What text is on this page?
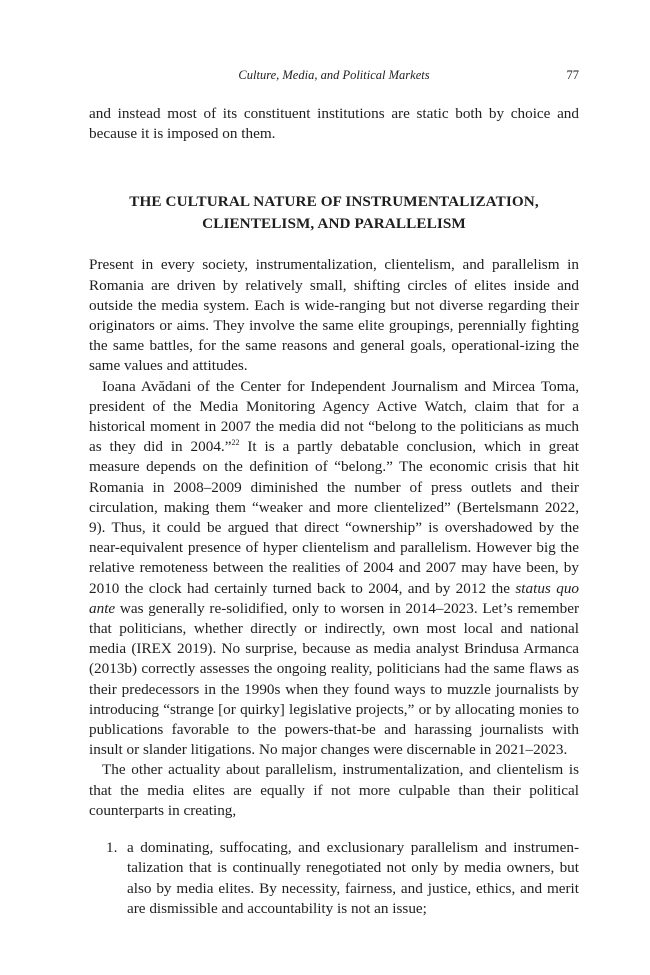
Culture, Media, and Political Markets	77

and instead most of its constituent institutions are static both by choice and because it is imposed on them.

THE CULTURAL NATURE OF INSTRUMENTALIZATION,
CLIENTELISM, AND PARALLELISM

Present in every society, instrumentalization, clientelism, and parallelism in Romania are driven by relatively small, shifting circles of elites inside and outside the media system. Each is wide-ranging but not diverse regarding their originators or aims. They involve the same elite groupings, perennially fighting the same battles, for the same reasons and general goals, operational-izing the same values and attitudes.

Ioana Avădani of the Center for Independent Journalism and Mircea Toma, president of the Media Monitoring Agency Active Watch, claim that for a historical moment in 2007 the media did not “belong to the politicians as much as they did in 2004.”$^{22}$ It is a partly debatable conclusion, which in great measure depends on the definition of “belong.” The economic crisis that hit Romania in 2008–2009 diminished the number of press outlets and their circulation, making them “weaker and more clientelized” (Bertelsmann 2022, 9). Thus, it could be argued that direct “ownership” is overshadowed by the near-equivalent presence of hyper clientelism and parallelism. However big the relative remoteness between the realities of 2004 and 2007 may have been, by 2010 the clock had certainly turned back to 2004, and by 2012 the status quo ante was generally re-solidified, only to worsen in 2014–2023. Let’s remember that politicians, whether directly or indirectly, own most local and national media (IREX 2019). No surprise, because as media analyst Brindusa Armanca (2013b) correctly assesses the ongoing reality, politicians had the same flaws as their predecessors in the 1990s when they found ways to muzzle journalists by introducing “strange [or quirky] legislative projects,” or by allocating monies to publications favorable to the powers-that-be and harassing journalists with insult or slander litigations. No major changes were discernable in 2021–2023.

The other actuality about parallelism, instrumentalization, and clientelism is that the media elites are equally if not more culpable than their political counterparts in creating,

1. a dominating, suffocating, and exclusionary parallelism and instrumen-talization that is continually renegotiated not only by media owners, but also by media elites. By necessity, fairness, and justice, ethics, and merit are dismissible and accountability is not an issue;
